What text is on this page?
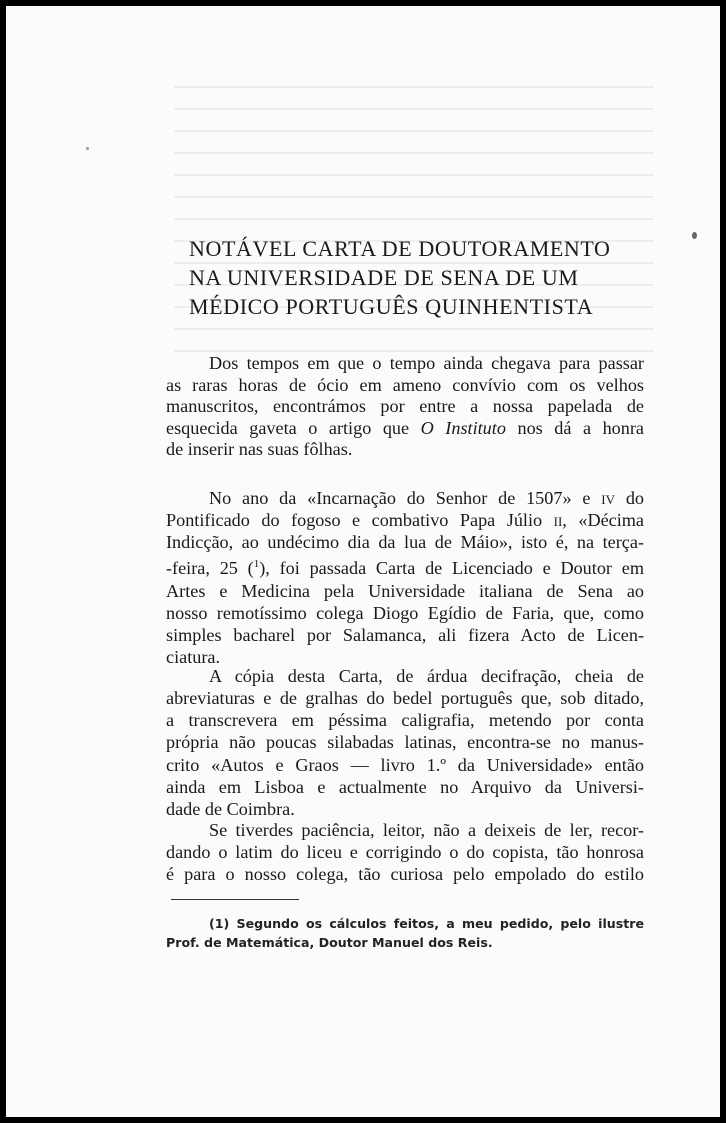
NOTÁVEL CARTA DE DOUTORAMENTO
NA UNIVERSIDADE DE SENA DE UM
MÉDICO PORTUGUÊS QUINHENTISTA
Dos tempos em que o tempo ainda chegava para passar
as raras horas de ócio em ameno convívio com os velhos
manuscritos, encontrámos por entre a nossa papelada de
esquecida gaveta o artigo que O Instituto nos dá a honra
de inserir nas suas fôlhas.
No ano da «Incarnação do Senhor de 1507» e iv do
Pontificado do fogoso e combativo Papa Júlio ii, «Décima
Indicção, ao undécimo dia da lua de Máio», isto é, na terça-
-feira, 25 ($^1$), foi passada Carta de Licenciado e Doutor em
Artes e Medicina pela Universidade italiana de Sena ao
nosso remotíssimo colega Diogo Egídio de Faria, que, como
simples bacharel por Salamanca, ali fizera Acto de Licen-
ciatura.
A cópia desta Carta, de árdua decifração, cheia de
abreviaturas e de gralhas do bedel português que, sob ditado,
a transcrevera em péssima caligrafia, metendo por conta
própria não poucas silabadas latinas, encontra-se no manus-
crito «Autos e Graos — livro 1.º da Universidade» então
ainda em Lisboa e actualmente no Arquivo da Universi-
dade de Coimbra.
Se tiverdes paciência, leitor, não a deixeis de ler, recor-
dando o latim do liceu e corrigindo o do copista, tão honrosa
é para o nosso colega, tão curiosa pelo empolado do estilo
(1) Segundo os cálculos feitos, a meu pedido, pelo ilustre
Prof. de Matemática, Doutor Manuel dos Reis.
